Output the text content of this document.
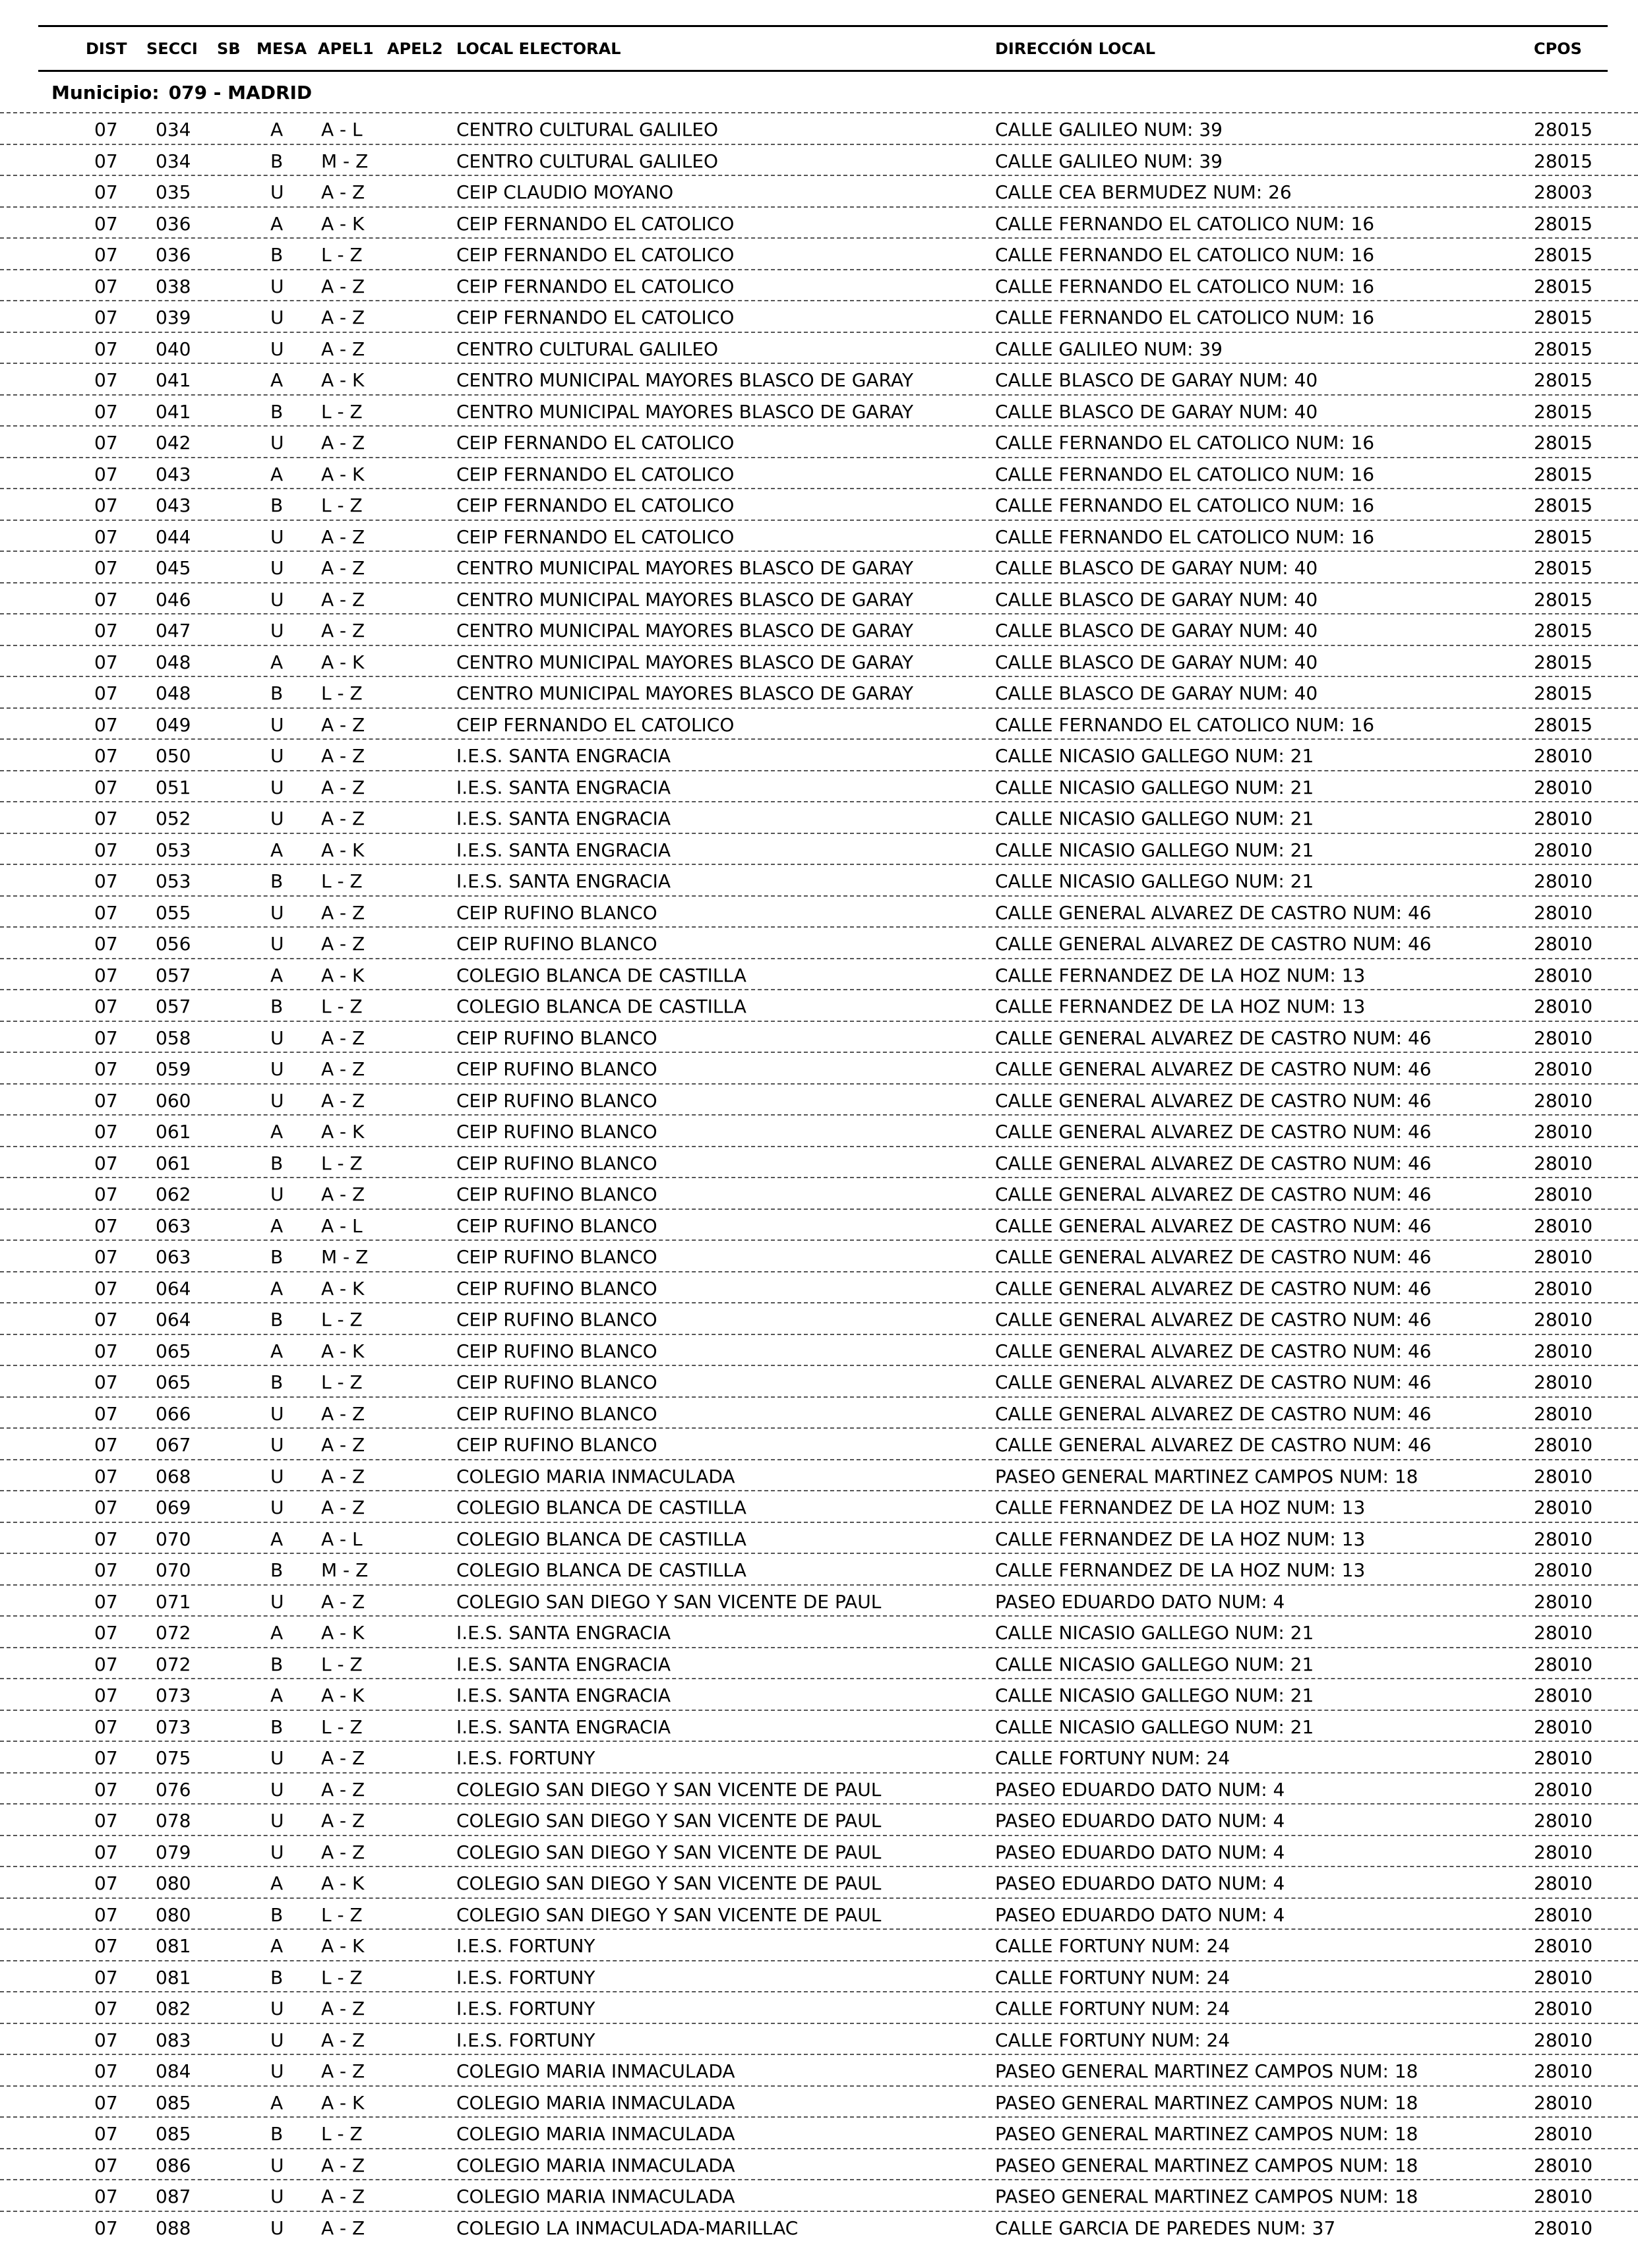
DIST SECCI SB MESA APEL1 APEL2 LOCAL ELECTORAL	DIRECCIÓN LOCAL	CPOS
Municipio: 079 - MADRID
07 034	A A - L	CENTRO CULTURAL GALILEO	CALLE GALILEO NUM: 39	28015
07 034	B M - Z	CENTRO CULTURAL GALILEO	CALLE GALILEO NUM: 39	28015
07 035	U A - Z	CEIP CLAUDIO MOYANO	CALLE CEA BERMUDEZ NUM: 26	28003
07 036	A A - K	CEIP FERNANDO EL CATOLICO	CALLE FERNANDO EL CATOLICO NUM: 16	28015
07 036	B L - Z	CEIP FERNANDO EL CATOLICO	CALLE FERNANDO EL CATOLICO NUM: 16	28015
07 038	U A - Z	CEIP FERNANDO EL CATOLICO	CALLE FERNANDO EL CATOLICO NUM: 16	28015
07 039	U A - Z	CEIP FERNANDO EL CATOLICO	CALLE FERNANDO EL CATOLICO NUM: 16	28015
07 040	U A - Z	CENTRO CULTURAL GALILEO	CALLE GALILEO NUM: 39	28015
07 041	A A - K	CENTRO MUNICIPAL MAYORES BLASCO DE GARAY	CALLE BLASCO DE GARAY NUM: 40	28015
07 041	B L - Z	CENTRO MUNICIPAL MAYORES BLASCO DE GARAY	CALLE BLASCO DE GARAY NUM: 40	28015
07 042	U A - Z	CEIP FERNANDO EL CATOLICO	CALLE FERNANDO EL CATOLICO NUM: 16	28015
07 043	A A - K	CEIP FERNANDO EL CATOLICO	CALLE FERNANDO EL CATOLICO NUM: 16	28015
07 043	B L - Z	CEIP FERNANDO EL CATOLICO	CALLE FERNANDO EL CATOLICO NUM: 16	28015
07 044	U A - Z	CEIP FERNANDO EL CATOLICO	CALLE FERNANDO EL CATOLICO NUM: 16	28015
07 045	U A - Z	CENTRO MUNICIPAL MAYORES BLASCO DE GARAY	CALLE BLASCO DE GARAY NUM: 40	28015
07 046	U A - Z	CENTRO MUNICIPAL MAYORES BLASCO DE GARAY	CALLE BLASCO DE GARAY NUM: 40	28015
07 047	U A - Z	CENTRO MUNICIPAL MAYORES BLASCO DE GARAY	CALLE BLASCO DE GARAY NUM: 40	28015
07 048	A A - K	CENTRO MUNICIPAL MAYORES BLASCO DE GARAY	CALLE BLASCO DE GARAY NUM: 40	28015
07 048	B L - Z	CENTRO MUNICIPAL MAYORES BLASCO DE GARAY	CALLE BLASCO DE GARAY NUM: 40	28015
07 049	U A - Z	CEIP FERNANDO EL CATOLICO	CALLE FERNANDO EL CATOLICO NUM: 16	28015
07 050	U A - Z	I.E.S. SANTA ENGRACIA	CALLE NICASIO GALLEGO NUM: 21	28010
07 051	U A - Z	I.E.S. SANTA ENGRACIA	CALLE NICASIO GALLEGO NUM: 21	28010
07 052	U A - Z	I.E.S. SANTA ENGRACIA	CALLE NICASIO GALLEGO NUM: 21	28010
07 053	A A - K	I.E.S. SANTA ENGRACIA	CALLE NICASIO GALLEGO NUM: 21	28010
07 053	B L - Z	I.E.S. SANTA ENGRACIA	CALLE NICASIO GALLEGO NUM: 21	28010
07 055	U A - Z	CEIP RUFINO BLANCO	CALLE GENERAL ALVAREZ DE CASTRO NUM: 46	28010
07 056	U A - Z	CEIP RUFINO BLANCO	CALLE GENERAL ALVAREZ DE CASTRO NUM: 46	28010
07 057	A A - K	COLEGIO BLANCA DE CASTILLA	CALLE FERNANDEZ DE LA HOZ NUM: 13	28010
07 057	B L - Z	COLEGIO BLANCA DE CASTILLA	CALLE FERNANDEZ DE LA HOZ NUM: 13	28010
07 058	U A - Z	CEIP RUFINO BLANCO	CALLE GENERAL ALVAREZ DE CASTRO NUM: 46	28010
07 059	U A - Z	CEIP RUFINO BLANCO	CALLE GENERAL ALVAREZ DE CASTRO NUM: 46	28010
07 060	U A - Z	CEIP RUFINO BLANCO	CALLE GENERAL ALVAREZ DE CASTRO NUM: 46	28010
07 061	A A - K	CEIP RUFINO BLANCO	CALLE GENERAL ALVAREZ DE CASTRO NUM: 46	28010
07 061	B L - Z	CEIP RUFINO BLANCO	CALLE GENERAL ALVAREZ DE CASTRO NUM: 46	28010
07 062	U A - Z	CEIP RUFINO BLANCO	CALLE GENERAL ALVAREZ DE CASTRO NUM: 46	28010
07 063	A A - L	CEIP RUFINO BLANCO	CALLE GENERAL ALVAREZ DE CASTRO NUM: 46	28010
07 063	B M - Z	CEIP RUFINO BLANCO	CALLE GENERAL ALVAREZ DE CASTRO NUM: 46	28010
07 064	A A - K	CEIP RUFINO BLANCO	CALLE GENERAL ALVAREZ DE CASTRO NUM: 46	28010
07 064	B L - Z	CEIP RUFINO BLANCO	CALLE GENERAL ALVAREZ DE CASTRO NUM: 46	28010
07 065	A A - K	CEIP RUFINO BLANCO	CALLE GENERAL ALVAREZ DE CASTRO NUM: 46	28010
07 065	B L - Z	CEIP RUFINO BLANCO	CALLE GENERAL ALVAREZ DE CASTRO NUM: 46	28010
07 066	U A - Z	CEIP RUFINO BLANCO	CALLE GENERAL ALVAREZ DE CASTRO NUM: 46	28010
07 067	U A - Z	CEIP RUFINO BLANCO	CALLE GENERAL ALVAREZ DE CASTRO NUM: 46	28010
07 068	U A - Z	COLEGIO MARIA INMACULADA	PASEO GENERAL MARTINEZ CAMPOS NUM: 18	28010
07 069	U A - Z	COLEGIO BLANCA DE CASTILLA	CALLE FERNANDEZ DE LA HOZ NUM: 13	28010
07 070	A A - L	COLEGIO BLANCA DE CASTILLA	CALLE FERNANDEZ DE LA HOZ NUM: 13	28010
07 070	B M - Z	COLEGIO BLANCA DE CASTILLA	CALLE FERNANDEZ DE LA HOZ NUM: 13	28010
07 071	U A - Z	COLEGIO SAN DIEGO Y SAN VICENTE DE PAUL	PASEO EDUARDO DATO NUM: 4	28010
07 072	A A - K	I.E.S. SANTA ENGRACIA	CALLE NICASIO GALLEGO NUM: 21	28010
07 072	B L - Z	I.E.S. SANTA ENGRACIA	CALLE NICASIO GALLEGO NUM: 21	28010
07 073	A A - K	I.E.S. SANTA ENGRACIA	CALLE NICASIO GALLEGO NUM: 21	28010
07 073	B L - Z	I.E.S. SANTA ENGRACIA	CALLE NICASIO GALLEGO NUM: 21	28010
07 075	U A - Z	I.E.S. FORTUNY	CALLE FORTUNY NUM: 24	28010
07 076	U A - Z	COLEGIO SAN DIEGO Y SAN VICENTE DE PAUL	PASEO EDUARDO DATO NUM: 4	28010
07 078	U A - Z	COLEGIO SAN DIEGO Y SAN VICENTE DE PAUL	PASEO EDUARDO DATO NUM: 4	28010
07 079	U A - Z	COLEGIO SAN DIEGO Y SAN VICENTE DE PAUL	PASEO EDUARDO DATO NUM: 4	28010
07 080	A A - K	COLEGIO SAN DIEGO Y SAN VICENTE DE PAUL	PASEO EDUARDO DATO NUM: 4	28010
07 080	B L - Z	COLEGIO SAN DIEGO Y SAN VICENTE DE PAUL	PASEO EDUARDO DATO NUM: 4	28010
07 081	A A - K	I.E.S. FORTUNY	CALLE FORTUNY NUM: 24	28010
07 081	B L - Z	I.E.S. FORTUNY	CALLE FORTUNY NUM: 24	28010
07 082	U A - Z	I.E.S. FORTUNY	CALLE FORTUNY NUM: 24	28010
07 083	U A - Z	I.E.S. FORTUNY	CALLE FORTUNY NUM: 24	28010
07 084	U A - Z	COLEGIO MARIA INMACULADA	PASEO GENERAL MARTINEZ CAMPOS NUM: 18	28010
07 085	A A - K	COLEGIO MARIA INMACULADA	PASEO GENERAL MARTINEZ CAMPOS NUM: 18	28010
07 085	B L - Z	COLEGIO MARIA INMACULADA	PASEO GENERAL MARTINEZ CAMPOS NUM: 18	28010
07 086	U A - Z	COLEGIO MARIA INMACULADA	PASEO GENERAL MARTINEZ CAMPOS NUM: 18	28010
07 087	U A - Z	COLEGIO MARIA INMACULADA	PASEO GENERAL MARTINEZ CAMPOS NUM: 18	28010
07 088	U A - Z	COLEGIO LA INMACULADA-MARILLAC	CALLE GARCIA DE PAREDES NUM: 37	28010
